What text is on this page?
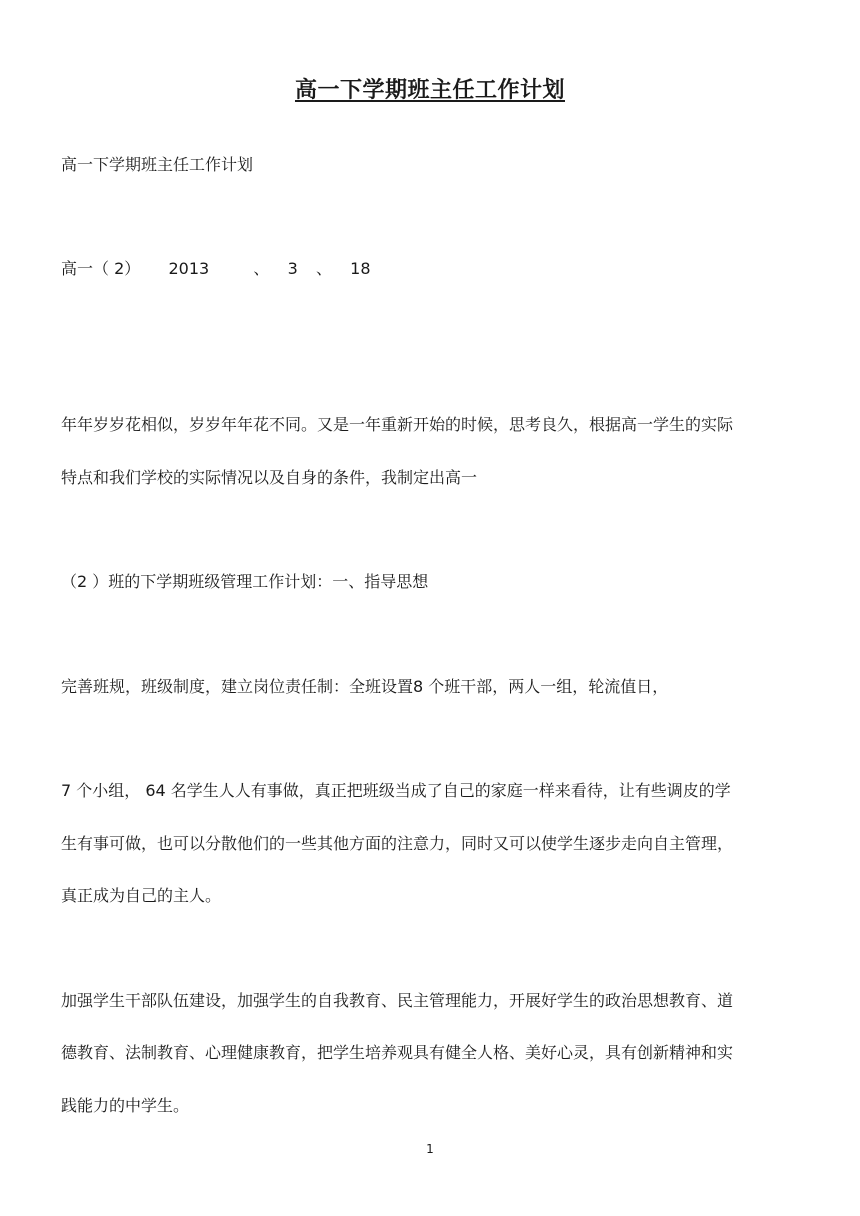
高一下学期班主任工作计划

高一下学期班主任工作计划

高一（ 2） 2013	、 3 、 18

年年岁岁花相似，岁岁年年花不同。又是一年重新开始的时候，思考良久，根据高一学生的实际

特点和我们学校的实际情况以及自身的条件，我制定出高一

（2 ）班的下学期班级管理工作计划：一、指导思想

完善班规，班级制度，建立岗位责任制：全班设置8 个班干部，两人一组，轮流值日，

7 个小组， 64 名学生人人有事做，真正把班级当成了自己的家庭一样来看待，让有些调皮的学

生有事可做，也可以分散他们的一些其他方面的注意力，同时又可以使学生逐步走向自主管理，

真正成为自己的主人。

加强学生干部队伍建设，加强学生的自我教育、民主管理能力，开展好学生的政治思想教育、道

德教育、法制教育、心理健康教育，把学生培养观具有健全人格、美好心灵，具有创新精神和实

践能力的中学生。

1
